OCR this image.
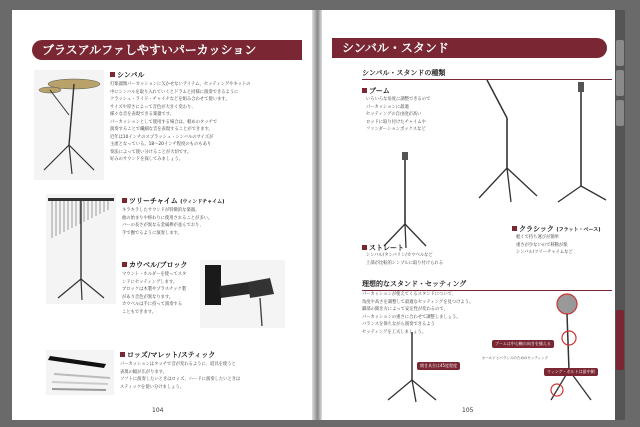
ブラスアルファしやすいパーカッション
シンバル
打楽器類パーカッションに欠かせないアイテム。セッティングやキットの
中にシンバルを取り入れていくとドラムと同様に演奏できるように
クラッシュ・ライド・チャイナなどを組み合わせて使います。
サイズや厚さによって音色が大きく変わり、
様々な音を表現できる楽器です。
パーカッションとして使用する場合は、軽めのタッチで
演奏することで繊細な音を表現することができます。
近年は10インチのスプラッシュ・シンバルのサイズが
主流となっている。18〜20インチ程度のものもあり
奏法によって使い分けることが大切です。
好みのサウンドを探してみましょう。
ツリーチャイム (ウィンドチャイム)
キラキラしたサウンドが特徴的な楽器。
曲の始まりや終わりに使用されることが多い。
バーの長さが異なる金属棒が並んでおり、
手で撫でるように演奏します。
カウベル/ブロック
マウント・ホルダーを使ってスタ
ンドにセッティングします。
ブロックは木製やプラスチック製
があり音色が異なります。
カウベルは手に持って演奏する
こともできます。
ロッズ/マレット/スティック
パーカッションはタッチで音が変わるように、道具を使うと
表現の幅が広がります。
ソフトに演奏したいときはロッズ、ハードに演奏したいときは
スティックを使い分けましょう。
104
シンバル・スタンド
シンバル・スタンドの種類
ブーム
いろいろな角度に調整できるので
パーカッションに最適
セッティングの自由度が高い
ロッドに取り付けたチャイムや
ファンダーションボックスなど
ストレート
シンバル/タンバリン/カウベルなど
上部が比較的シンプルに取り付けられる
クラシック (フラット・ベース)
軽くて持ち運びが簡単
重さが少ないので移動が楽
シンバル/ツリーチャイムなど
理想的なスタンド・セッティング
パーカッションが使えてくるスタンドについて、
角度や高さを調整して最適なセッティングを見つけよう。
脚部の開き方によって安定性が変わるので、
パーカッションの重さに合わせて調整しましょう。
バランスを保ちながら演奏できるよう
セッティングを工夫しましょう。
開き具合は45度程度
ブームは中心軸の向きを揃える
ウィング・ボルトは最中側
ホールドとバランスのためのセッティング
105
